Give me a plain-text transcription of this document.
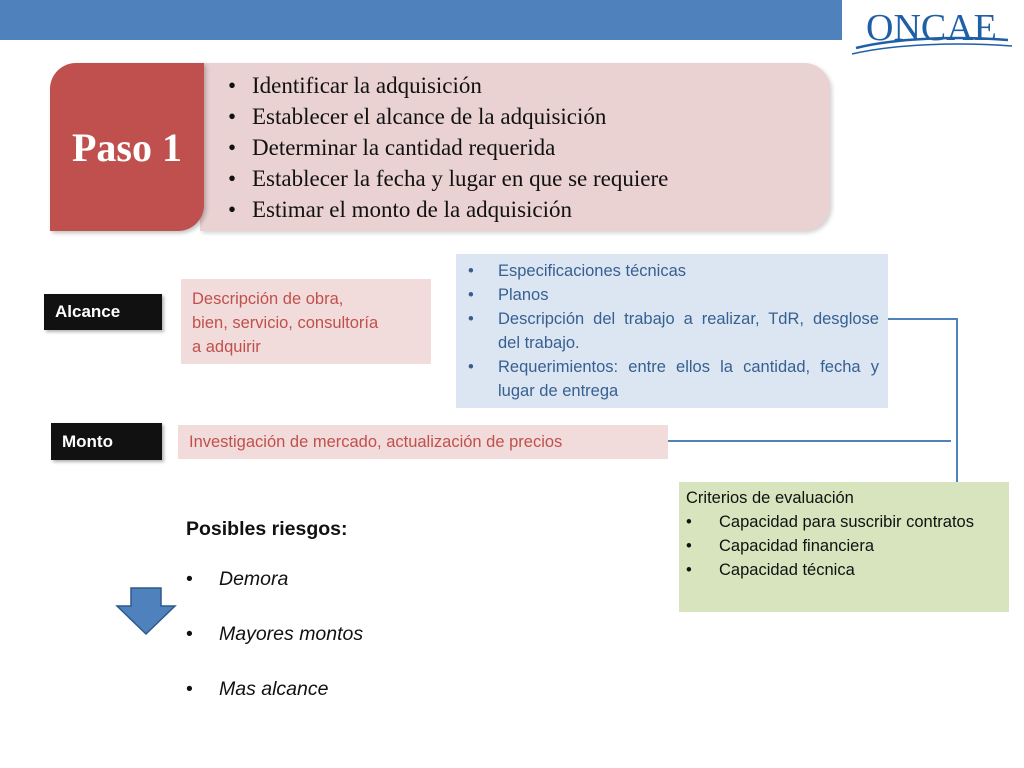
ONCAE
Paso 1
• Identificar la adquisición
• Establecer el alcance de la adquisición
• Determinar la cantidad requerida
• Establecer la fecha y lugar en que se requiere
• Estimar el monto de la adquisición
Alcance
Descripción de obra,
bien, servicio, consultoría
a adquirir
•	Especificaciones técnicas
•	Planos
•	Descripción del trabajo a realizar, TdR, desglose del trabajo.
•	Requerimientos: entre ellos la cantidad, fecha y lugar de entrega
Monto	Investigación de mercado, actualización de precios
Criterios de evaluación
•	Capacidad para suscribir contratos
•	Capacidad financiera
•	Capacidad técnica
Posibles riesgos:
•	Demora
•	Mayores montos
•	Mas alcance
